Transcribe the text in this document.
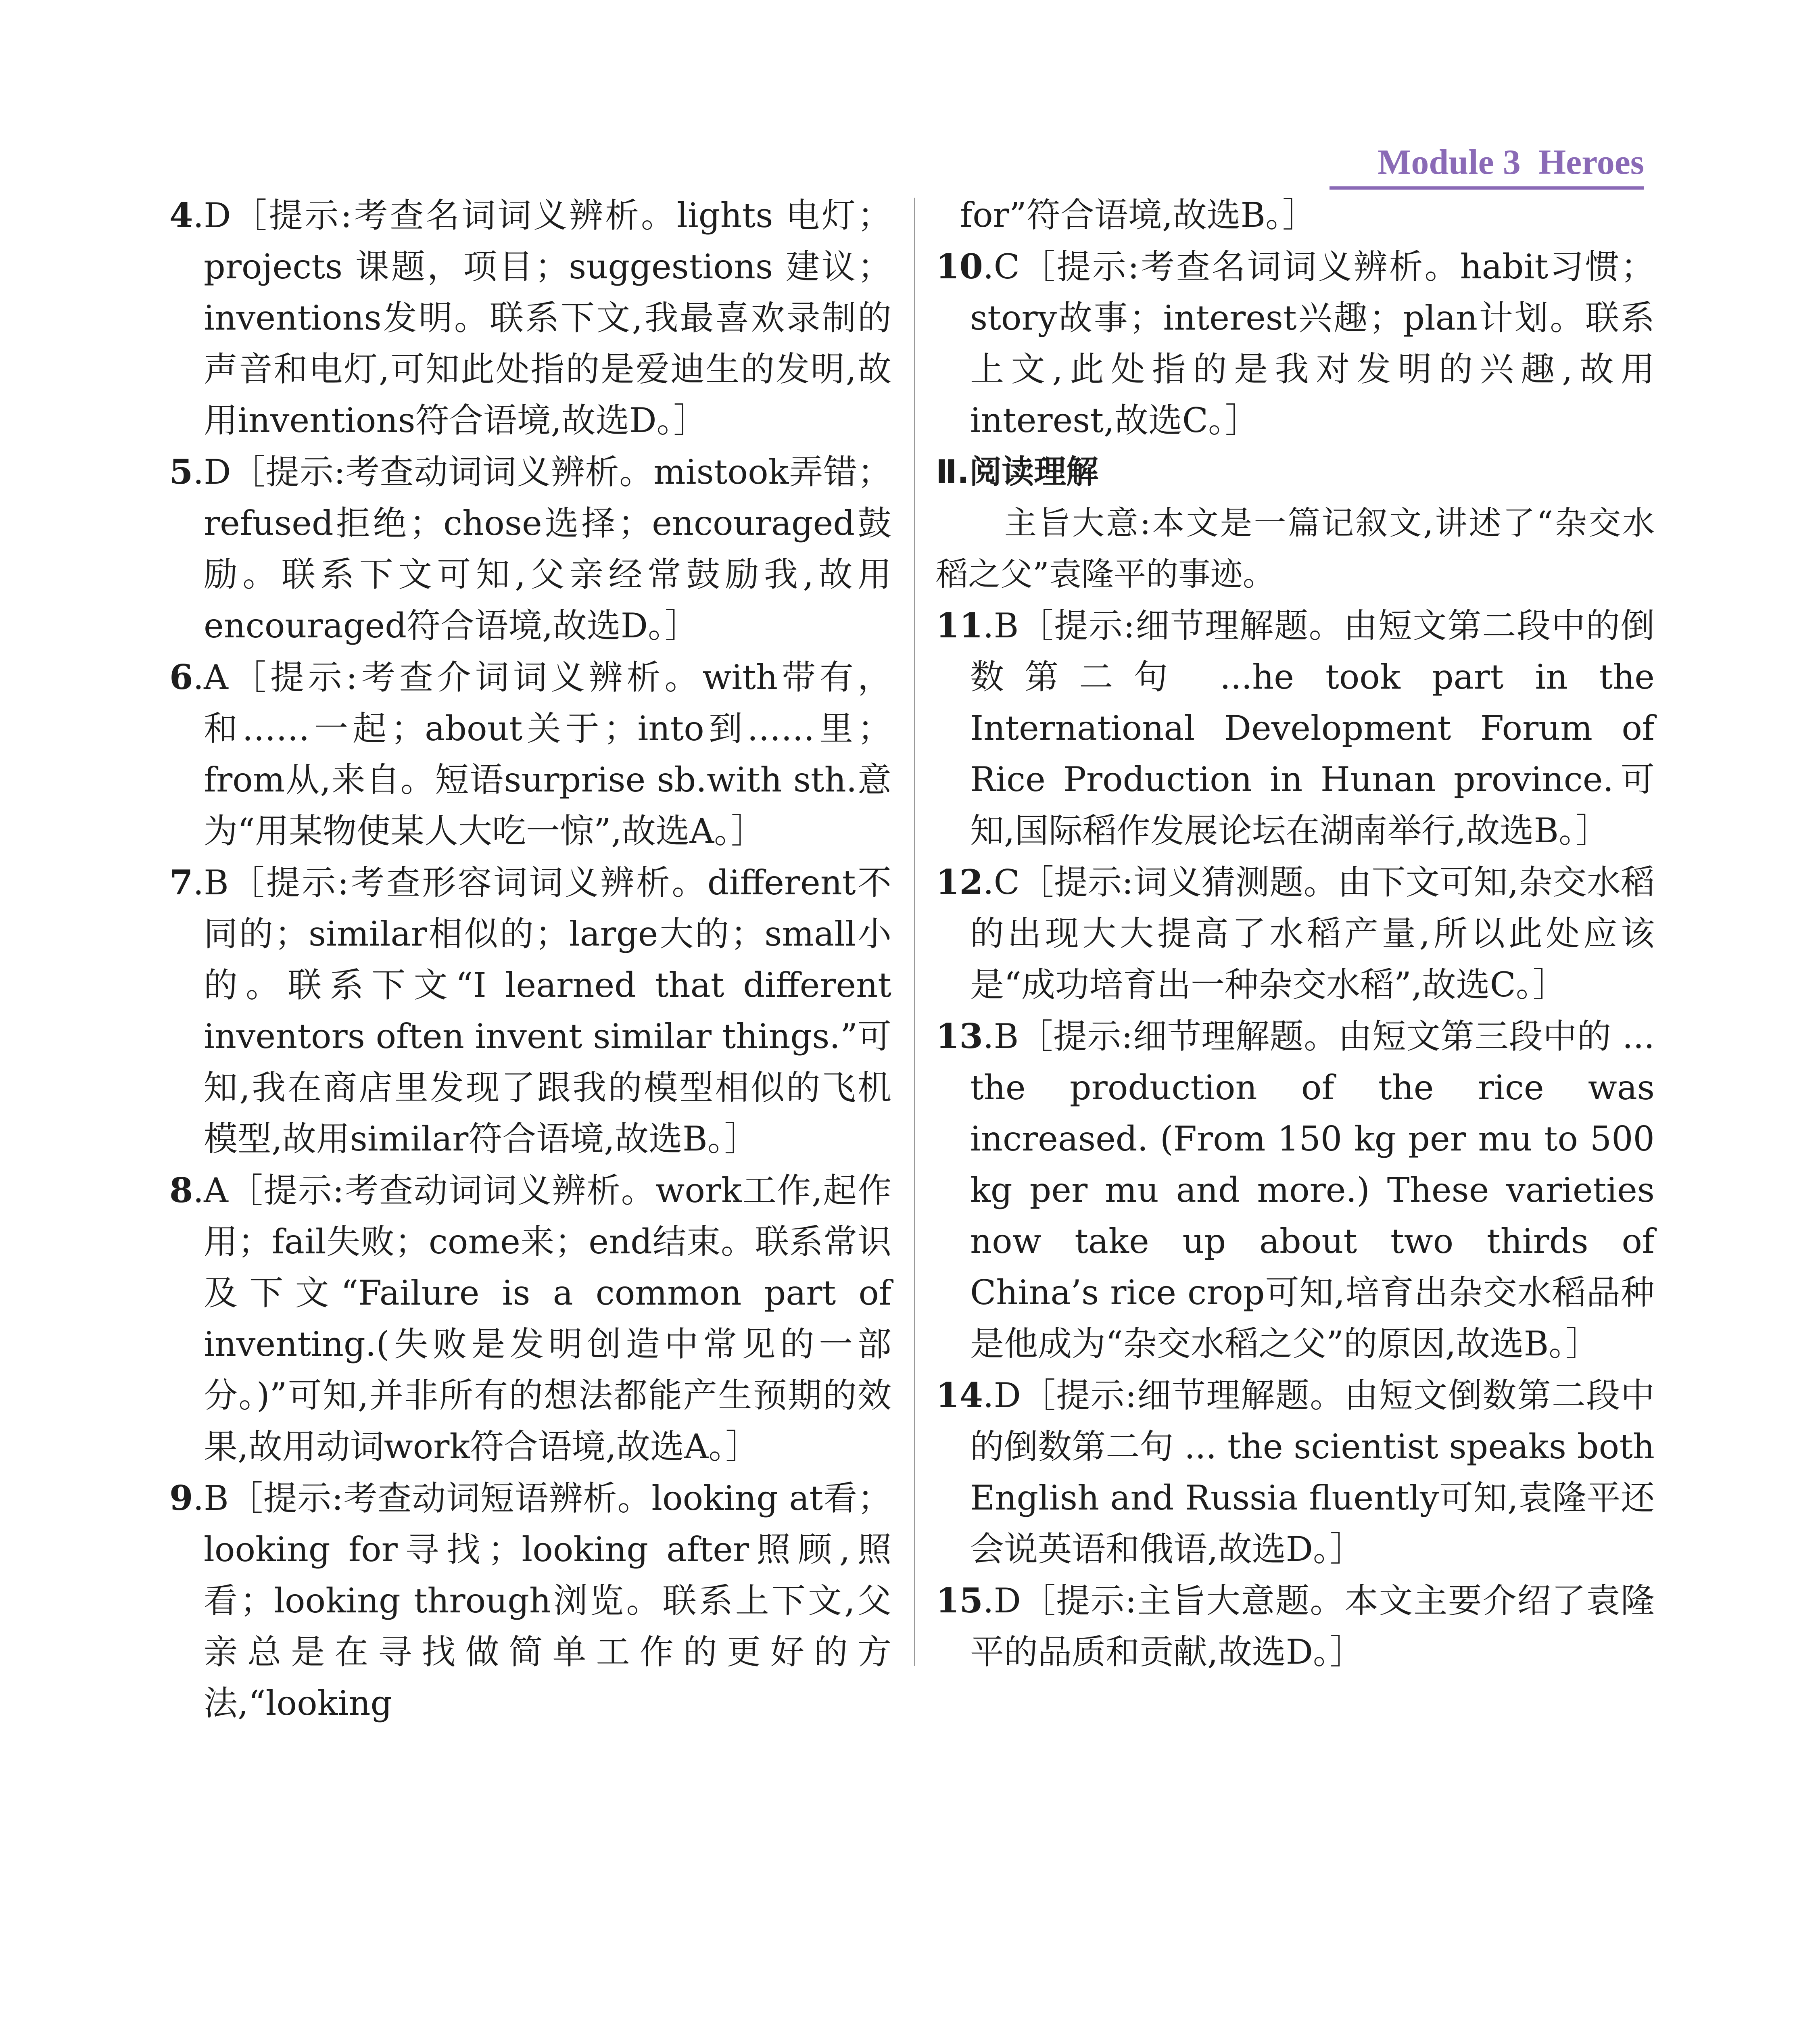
Module 3  Heroes

4.D［提示:考查名词词义辨析。lights 电灯；projects 课题，项目；suggestions 建议；inventions发明。联系下文,我最喜欢录制的声音和电灯,可知此处指的是爱迪生的发明,故用inventions符合语境,故选D。］

5.D［提示:考查动词词义辨析。mistook弄错；refused拒绝；chose选择；encouraged鼓励。联系下文可知,父亲经常鼓励我,故用encouraged符合语境,故选D。］

6.A［提示:考查介词词义辨析。with带有，和……一起；about关于；into到……里；from从,来自。短语surprise sb.with sth.意为“用某物使某人大吃一惊”,故选A。］

7.B［提示:考查形容词词义辨析。different不同的；similar相似的；large大的；small小的。联系下文“I learned that different inventors often invent similar things.”可知,我在商店里发现了跟我的模型相似的飞机模型,故用similar符合语境,故选B。］

8.A［提示:考查动词词义辨析。work工作,起作用；fail失败；come来；end结束。联系常识及下文“Failure is a common part of inventing.(失败是发明创造中常见的一部分。)”可知,并非所有的想法都能产生预期的效果,故用动词work符合语境,故选A。］

9.B［提示:考查动词短语辨析。looking at看；looking for寻找；looking after照顾,照看；looking through浏览。联系上下文,父亲总是在寻找做简单工作的更好的方法,“looking

for”符合语境,故选B。］

10.C［提示:考查名词词义辨析。habit习惯；story故事；interest兴趣；plan计划。联系上文,此处指的是我对发明的兴趣,故用interest,故选C。］

Ⅱ.阅读理解

主旨大意:本文是一篇记叙文,讲述了“杂交水稻之父”袁隆平的事迹。

11.B［提示:细节理解题。由短文第二段中的倒数第二句 ...he took part in the International Development Forum of Rice Production in Hunan province.可知,国际稻作发展论坛在湖南举行,故选B。］

12.C［提示:词义猜测题。由下文可知,杂交水稻的出现大大提高了水稻产量,所以此处应该是“成功培育出一种杂交水稻”,故选C。］

13.B［提示:细节理解题。由短文第三段中的 ... the production of the rice was increased. (From 150 kg per mu to 500 kg per mu and more.) These varieties now take up about two thirds of China’s rice crop可知,培育出杂交水稻品种是他成为“杂交水稻之父”的原因,故选B。］

14.D［提示:细节理解题。由短文倒数第二段中的倒数第二句 ... the scientist speaks both English and Russia fluently可知,袁隆平还会说英语和俄语,故选D。］

15.D［提示:主旨大意题。本文主要介绍了袁隆平的品质和贡献,故选D。］
